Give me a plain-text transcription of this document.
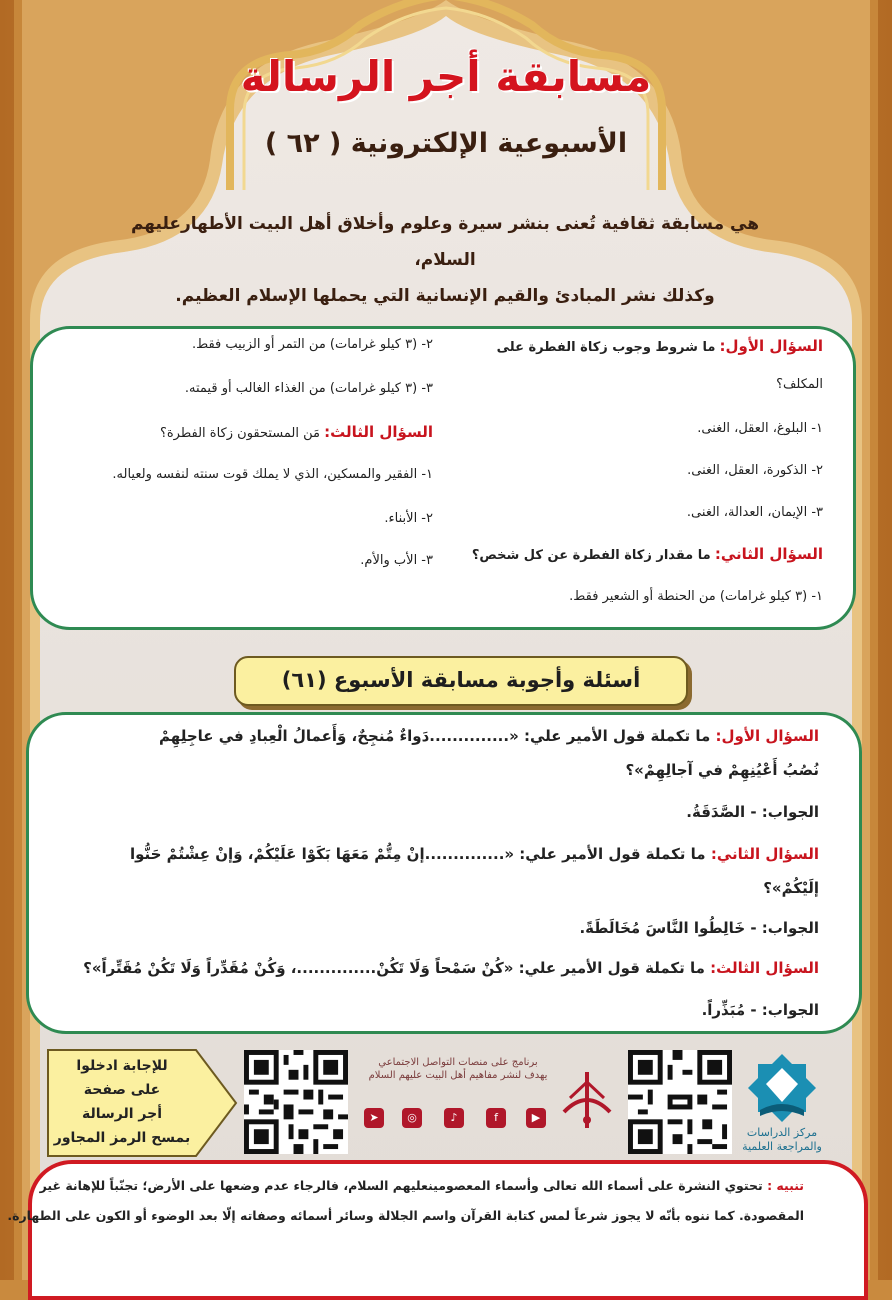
مسابقة أجر الرسالة
الأسبوعية الإلكترونية ( ٦٢ )
هي مسابقة ثقافية تُعنى بنشر سيرة وعلوم وأخلاق أهل البيت الأطهارعليهم السلام،
وكذلك نشر المبادئ والقيم الإنسانية التي يحملها الإسلام العظيم.
السؤال الأول: ما شروط وجوب زكاة الفطرة على
المكلف؟
١- البلوغ، العقل، الغنى.
٢- الذكورة، العقل، الغنى.
٣- الإيمان، العدالة، الغنى.
السؤال الثاني: ما مقدار زكاة الفطرة عن كل شخص؟
١- (٣ كيلو غرامات) من الحنطة أو الشعير فقط.
٢- (٣ كيلو غرامات) من التمر أو الزبيب فقط.
٣- (٣ كيلو غرامات) من الغذاء الغالب أو قيمته.
السؤال الثالث: مَن المستحقون زكاة الفطرة؟
١- الفقير والمسكين، الذي لا يملك قوت سنته لنفسه ولعياله.
٢- الأبناء.
٣- الأب والأم.
أسئلة وأجوبة مسابقة الأسبوع (٦١)
السؤال الأول: ما تكملة قول الأمير علي: «..............دَواءٌ مُنجِحٌ، وَأَعمالُ الْعِبادِ في عاجِلِهِمْ
نُصُبُ أَعْيُنِهِمْ في آجالِهِمْ»؟
الجواب: - الصَّدَقَةُ.
السؤال الثاني: ما تكملة قول الأمير علي: «..............إنْ مِتُّمْ مَعَهَا بَكَوْا عَلَيْكُمْ، وَإنْ عِشْتُمْ حَنُّوا
إلَيْكُمْ»؟
الجواب: - خَالِطُوا النَّاسَ مُخَالَطَةً.
السؤال الثالث: ما تكملة قول الأمير علي: «كُنْ سَمْحاً وَلَا تَكُنْ..............، وَكُنْ مُقَدِّراً وَلَا تَكُنْ مُقَتِّراً»؟
الجواب: - مُبَذِّراً.
للإجابة ادخلوا
على صفحة
أجر الرسالة
بمسح الرمز المجاور
برنامج على منصات التواصل الاجتماعي
يهدف لنشر مفاهيم أهل البيت عليهم السلام
➤	◎	♪	f	▶
مركز الدراسات
والمراجعة العلمية
تنبيه : تحتوي النشرة على أسماء الله تعالى وأسماء المعصومينعليهم السلام، فالرجاء عدم وضعها على الأرض؛ تجنّباً للإهانة غير
المقصودة. كما ننوه بأنّه لا يجوز شرعاً لمس كتابة القرآن واسم الجلالة وسائر أسمائه وصفاته إلّا بعد الوضوء أو الكون على الطهارة.
